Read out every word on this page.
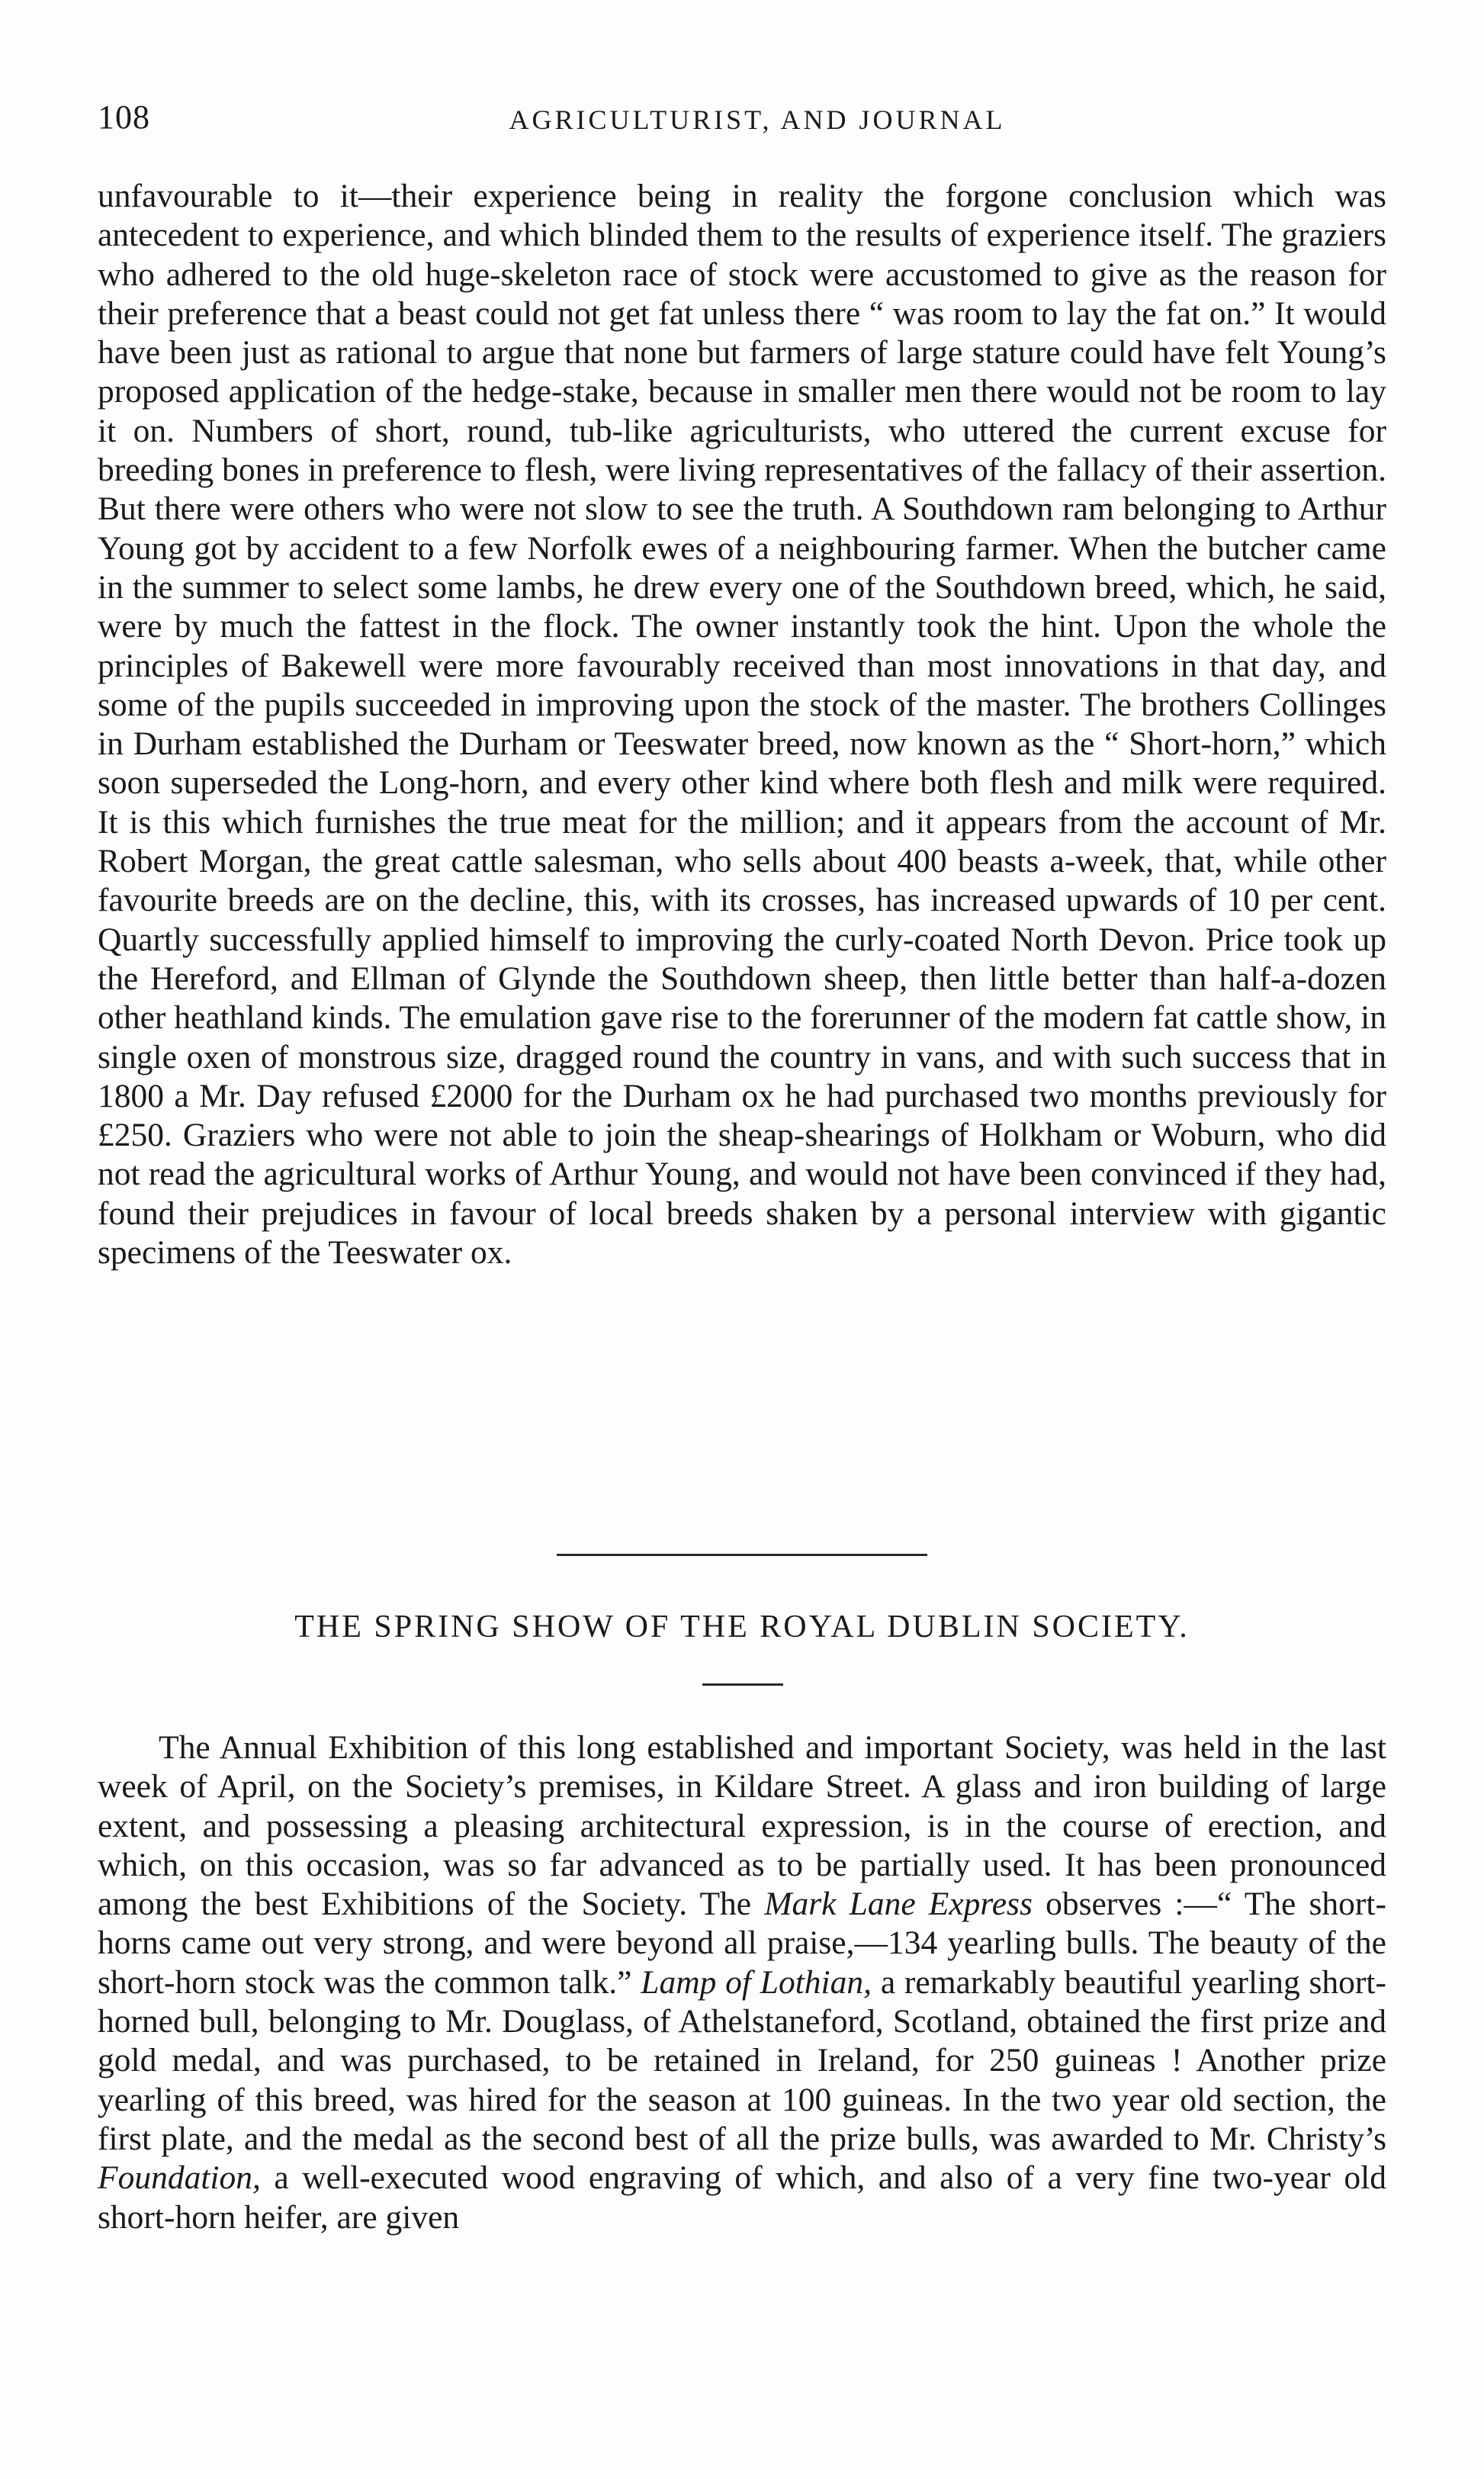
108	AGRICULTURIST, AND JOURNAL

unfavourable to it—their experience being in reality the forgone conclusion which was antecedent to experience, and which blinded them to the results of experience itself. The graziers who adhered to the old huge-skeleton race of stock were accustomed to give as the reason for their preference that a beast could not get fat unless there “ was room to lay the fat on.” It would have been just as rational to argue that none but farmers of large stature could have felt Young’s proposed application of the hedge-stake, because in smaller men there would not be room to lay it on. Numbers of short, round, tub-like agriculturists, who uttered the current excuse for breeding bones in preference to flesh, were living representatives of the fallacy of their assertion. But there were others who were not slow to see the truth. A Southdown ram belonging to Arthur Young got by accident to a few Norfolk ewes of a neighbouring farmer. When the butcher came in the summer to select some lambs, he drew every one of the Southdown breed, which, he said, were by much the fattest in the flock. The owner instantly took the hint. Upon the whole the principles of Bakewell were more favourably received than most innovations in that day, and some of the pupils succeeded in improving upon the stock of the master. The brothers Collinges in Durham established the Durham or Teeswater breed, now known as the “ Short-horn,” which soon superseded the Long-horn, and every other kind where both flesh and milk were required. It is this which furnishes the true meat for the million; and it appears from the account of Mr. Robert Morgan, the great cattle salesman, who sells about 400 beasts a-week, that, while other favourite breeds are on the decline, this, with its crosses, has increased upwards of 10 per cent. Quartly successfully applied himself to improving the curly-coated North Devon. Price took up the Hereford, and Ellman of Glynde the Southdown sheep, then little better than half-a-dozen other heathland kinds. The emulation gave rise to the forerunner of the modern fat cattle show, in single oxen of monstrous size, dragged round the country in vans, and with such success that in 1800 a Mr. Day refused £2000 for the Durham ox he had purchased two months previously for £250. Graziers who were not able to join the sheap-shearings of Holkham or Woburn, who did not read the agricultural works of Arthur Young, and would not have been convinced if they had, found their prejudices in favour of local breeds shaken by a personal interview with gigantic specimens of the Teeswater ox.

THE SPRING SHOW OF THE ROYAL DUBLIN SOCIETY.

The Annual Exhibition of this long established and important Society, was held in the last week of April, on the Society’s premises, in Kildare Street. A glass and iron building of large extent, and possessing a pleasing architectural expression, is in the course of erection, and which, on this occasion, was so far advanced as to be partially used. It has been pronounced among the best Exhibitions of the Society. The Mark Lane Express observes :—“ The short-horns came out very strong, and were beyond all praise,—134 yearling bulls. The beauty of the short-horn stock was the common talk.” Lamp of Lothian, a remarkably beautiful yearling short-horned bull, belonging to Mr. Douglass, of Athelstaneford, Scotland, obtained the first prize and gold medal, and was purchased, to be retained in Ireland, for 250 guineas ! Another prize yearling of this breed, was hired for the season at 100 guineas. In the two year old section, the first plate, and the medal as the second best of all the prize bulls, was awarded to Mr. Christy’s Foundation, a well-executed wood engraving of which, and also of a very fine two-year old short-horn heifer, are given
